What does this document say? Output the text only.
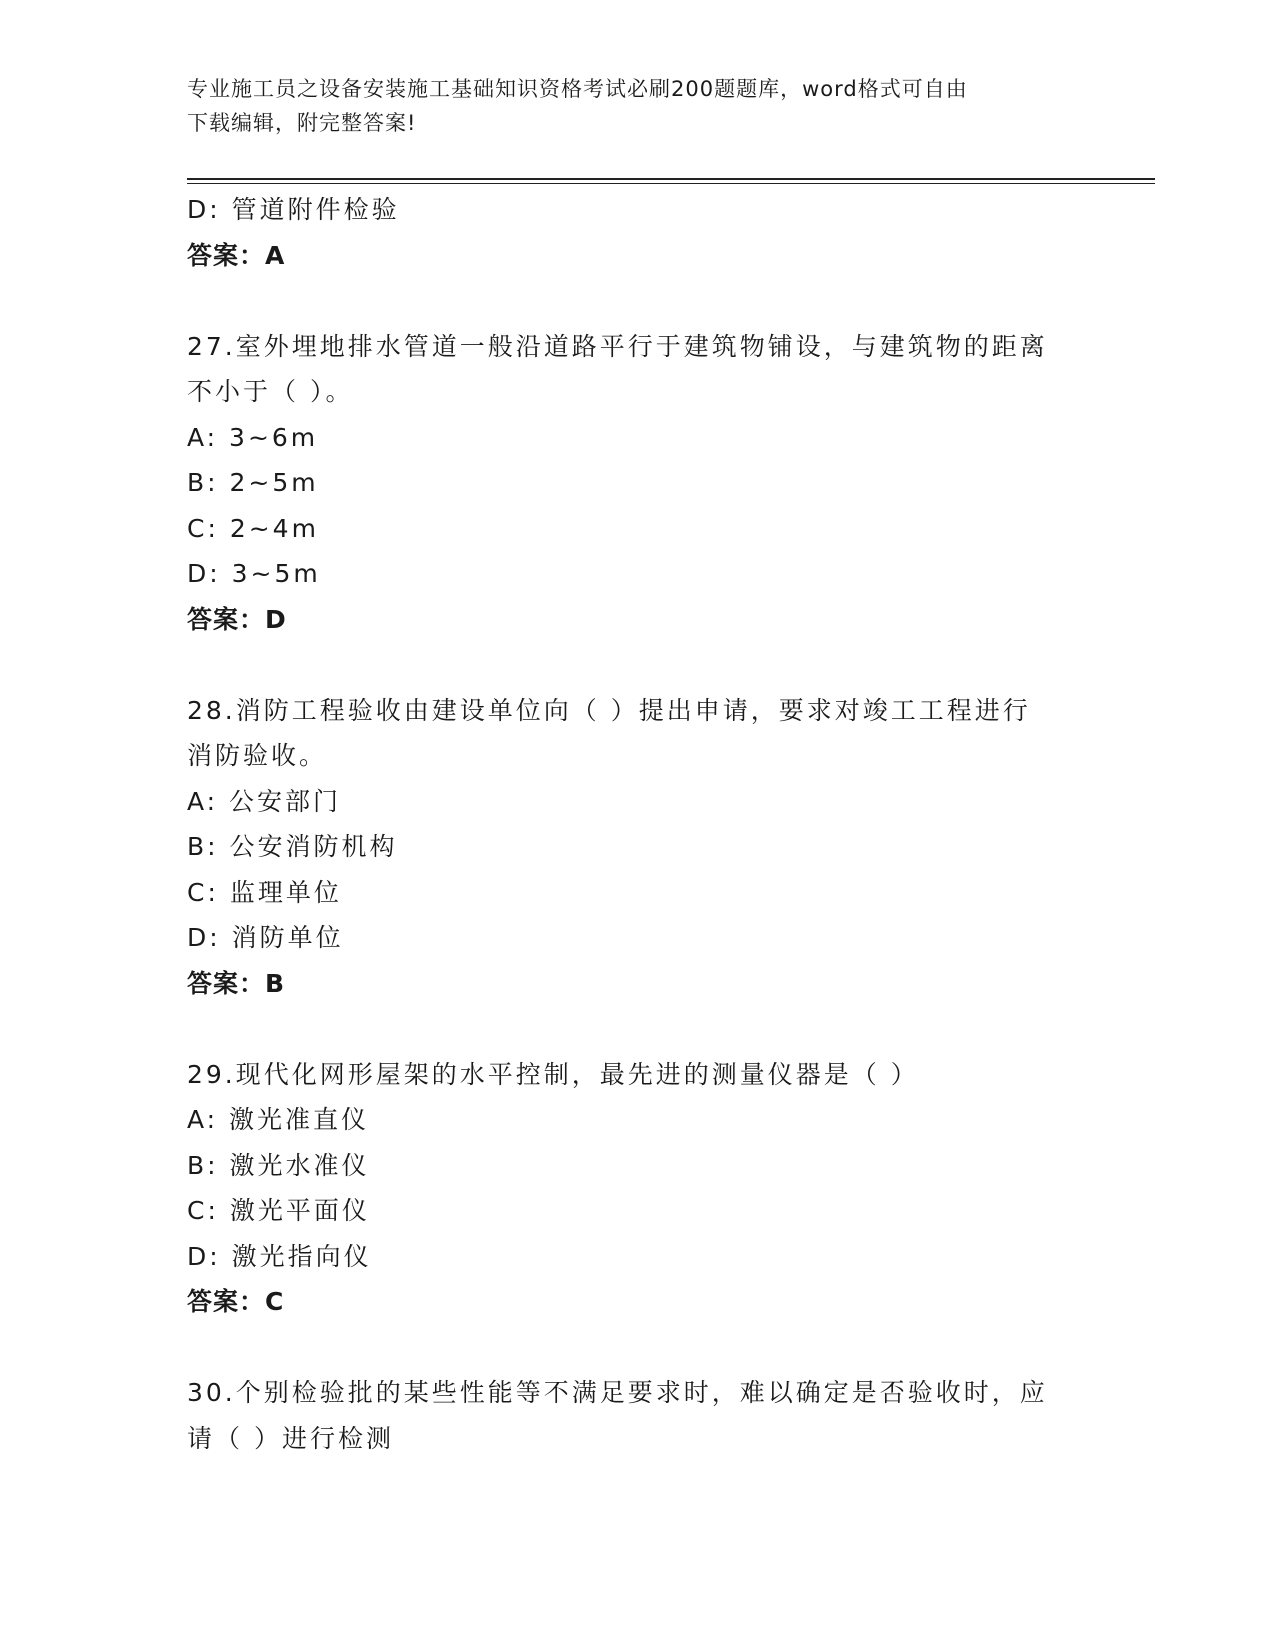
专业施工员之设备安装施工基础知识资格考试必刷200题题库，word格式可自由
下载编辑，附完整答案!
D: 管道附件检验
答案：A
27.室外埋地排水管道一般沿道路平行于建筑物铺设，与建筑物的距离
不小于（ ）。
A: 3~6m
B: 2~5m
C: 2~4m
D: 3~5m
答案：D
28.消防工程验收由建设单位向（ ）提出申请，要求对竣工工程进行
消防验收。
A: 公安部门
B: 公安消防机构
C: 监理单位
D: 消防单位
答案：B
29.现代化网形屋架的水平控制，最先进的测量仪器是（ ）
A: 激光准直仪
B: 激光水准仪
C: 激光平面仪
D: 激光指向仪
答案：C
30.个别检验批的某些性能等不满足要求时，难以确定是否验收时，应
请（ ）进行检测
